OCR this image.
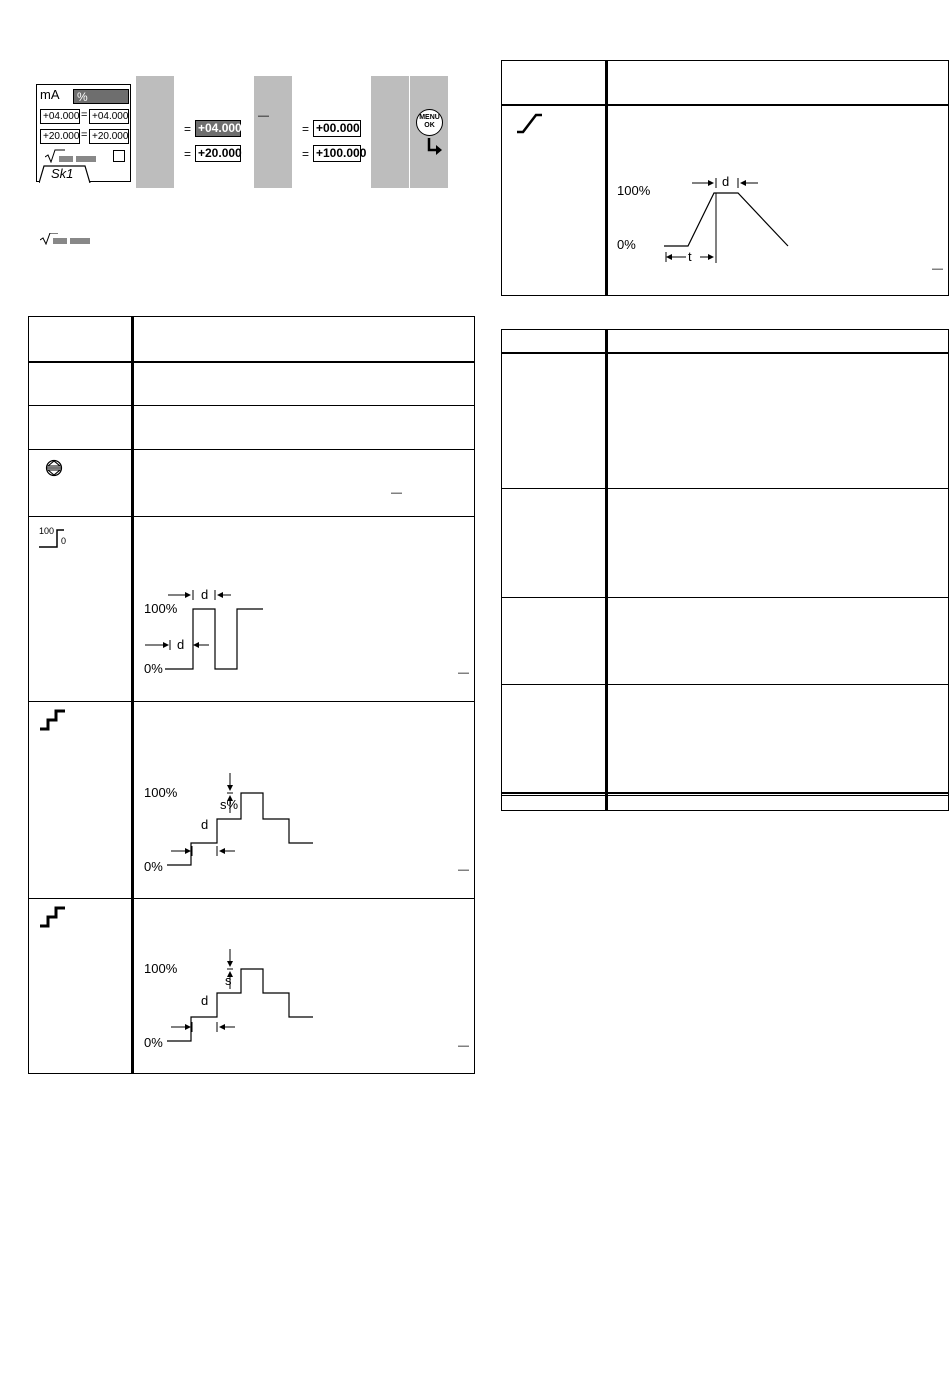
mA	%
+04.000 = +04.000
+20.000 = +20.000
Sk1
= +04.000
= +20.000
—
= +00.000
= +100.000
MENU
OK
—
100
0
d
d
100%
0%	—
s%
d
100%
0%	—
s
d
100%
0%	—
d
t
100%
0%
—
